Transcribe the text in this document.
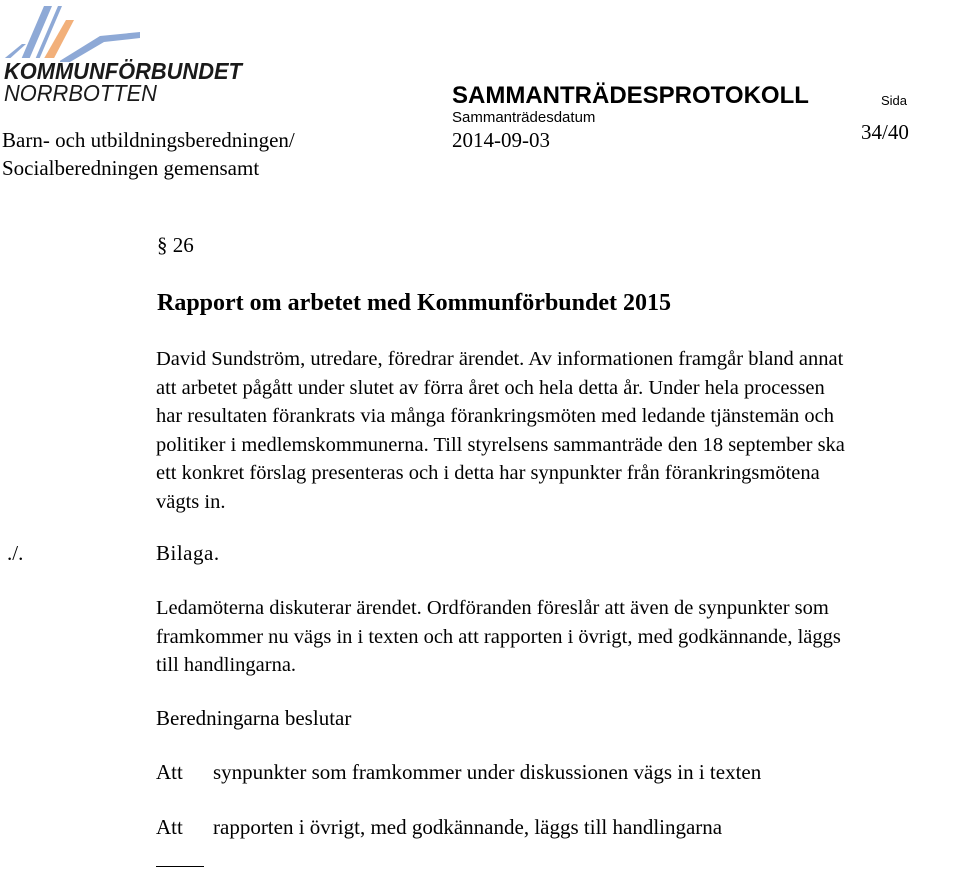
KOMMUNFÖRBUNDET
NORRBOTTEN
Barn- och utbildningsberedningen/
Socialberedningen gemensamt
SAMMANTRÄDESPROTOKOLL
Sammanträdesdatum
2014-09-03
Sida
34/40
§ 26
Rapport om arbetet med Kommunförbundet 2015
David Sundström, utredare, föredrar ärendet. Av informationen framgår bland annat
att arbetet pågått under slutet av förra året och hela detta år. Under hela processen
har resultaten förankrats via många förankringsmöten med ledande tjänstemän och
politiker i medlemskommunerna. Till styrelsens sammanträde den 18 september ska
ett konkret förslag presenteras och i detta har synpunkter från förankringsmötena
vägts in.
./.	Bilaga.
Ledamöterna diskuterar ärendet. Ordföranden föreslår att även de synpunkter som
framkommer nu vägs in i texten och att rapporten i övrigt, med godkännande, läggs
till handlingarna.
Beredningarna beslutar
Att synpunkter som framkommer under diskussionen vägs in i texten
Att rapporten i övrigt, med godkännande, läggs till handlingarna
